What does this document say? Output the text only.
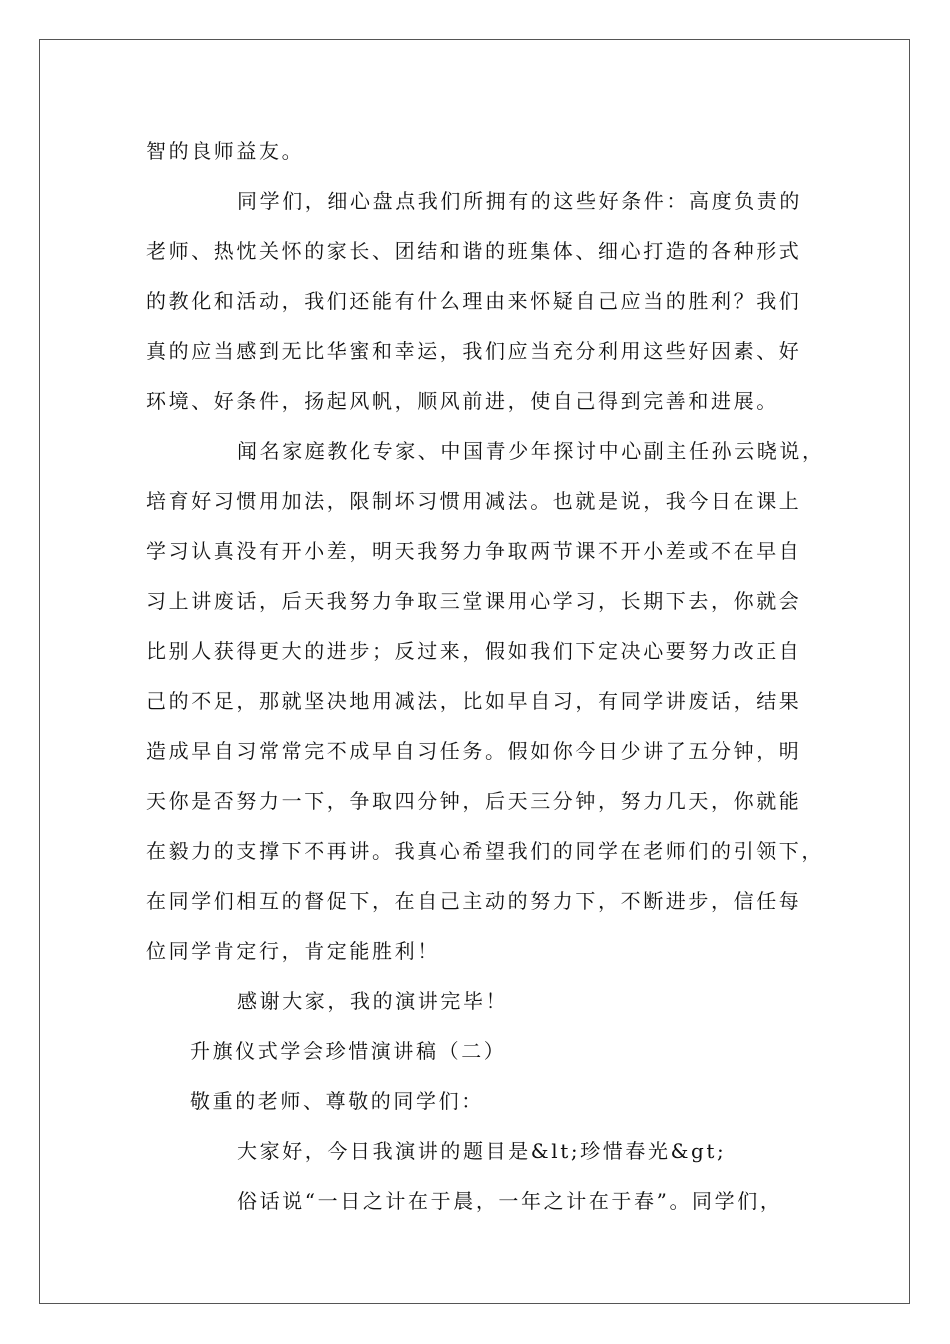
智的良师益友。
同学们，细心盘点我们所拥有的这些好条件：高度负责的
老师、热忱关怀的家长、团结和谐的班集体、细心打造的各种形式
的教化和活动，我们还能有什么理由来怀疑自己应当的胜利？我们
真的应当感到无比华蜜和幸运，我们应当充分利用这些好因素、好
环境、好条件，扬起风帆，顺风前进，使自己得到完善和进展。
闻名家庭教化专家、中国青少年探讨中心副主任孙云晓说，
培育好习惯用加法，限制坏习惯用减法。也就是说，我今日在课上
学习认真没有开小差，明天我努力争取两节课不开小差或不在早自
习上讲废话，后天我努力争取三堂课用心学习，长期下去，你就会
比别人获得更大的进步；反过来，假如我们下定决心要努力改正自
己的不足，那就坚决地用减法，比如早自习，有同学讲废话，结果
造成早自习常常完不成早自习任务。假如你今日少讲了五分钟，明
天你是否努力一下，争取四分钟，后天三分钟，努力几天，你就能
在毅力的支撑下不再讲。我真心希望我们的同学在老师们的引领下，
在同学们相互的督促下，在自己主动的努力下，不断进步，信任每
位同学肯定行，肯定能胜利！
感谢大家，我的演讲完毕！
升旗仪式学会珍惜演讲稿（二）
敬重的老师、尊敬的同学们：
大家好，今日我演讲的题目是&lt;珍惜春光&gt;
俗话说“一日之计在于晨，一年之计在于春”。同学们，
